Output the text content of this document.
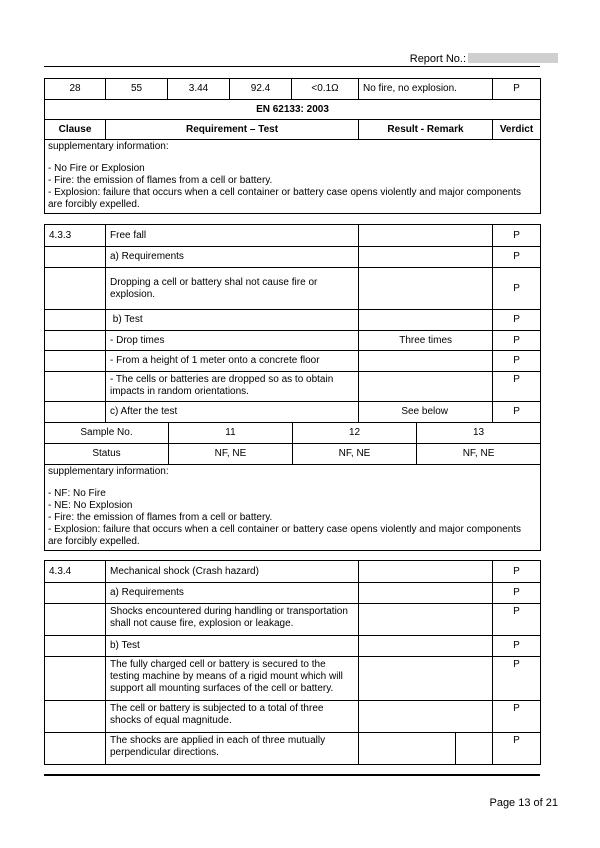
Report No.:
28	55	3.44	92.4	<0.1Ω	No fire, no explosion.	P
EN 62133: 2003						
Clause	Requirement – Test				Result - Remark	Verdict

supplementary information:
- No Fire or Explosion
- Fire: the emission of flames from a cell or battery.
- Explosion: failure that occurs when a cell container or battery case opens violently and major components are forcibly expelled.						
4.3.3	Free fall					P
	a) Requirements					P
	Dropping a cell or battery shal not cause fire or explosion.					P
	b) Test					P
	- Drop times			Three times		P
	- From a height of 1 meter onto a concrete floor					P
	- The cells or batteries are dropped so as to obtain impacts in random orientations.					P
	c) After the test			See below		P
Sample No.		11	12		13	
Status		NF, NE	NF, NE		NF, NE	

supplementary information:
- NF: No Fire
- NE: No Explosion
- Fire: the emission of flames from a cell or battery.
- Explosion: failure that occurs when a cell container or battery case opens violently and major components are forcibly expelled.						
4.3.4	Mechanical shock (Crash hazard)			P
	a) Requirements			P
	Shocks encountered during handling or transportation shall not cause fire, explosion or leakage.			P
	b) Test			P
	The fully charged cell or battery is secured to the testing machine by means of a rigid mount which will support all mounting surfaces of the cell or battery.			P
	The cell or battery is subjected to a total of three shocks of equal magnitude.			P
	The shocks are applied in each of three mutually perpendicular directions.			P
Page 13 of 21
